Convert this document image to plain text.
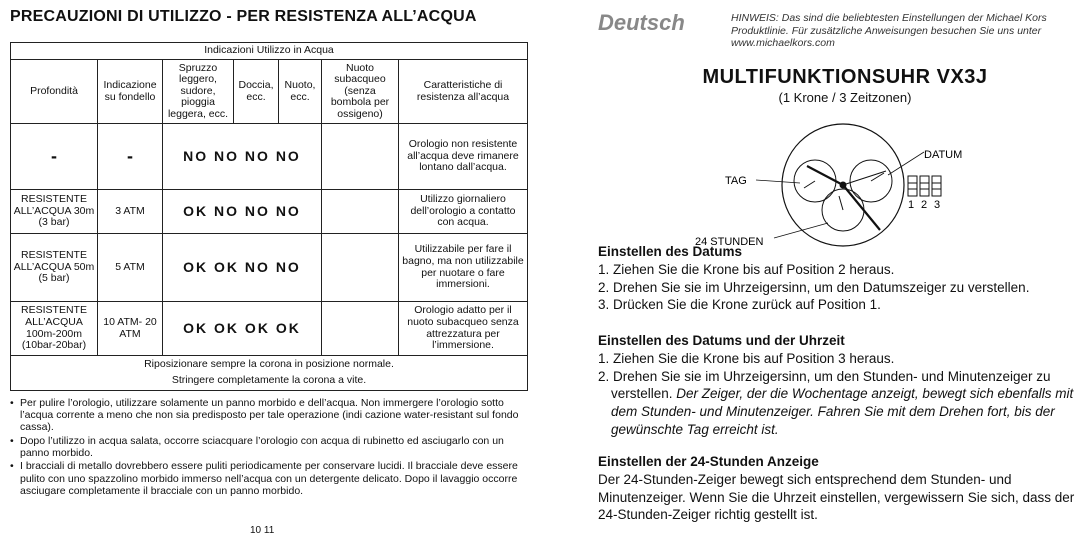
PRECAUZIONI DI UTILIZZO - PER RESISTENZA ALL’ACQUA
Indicazioni Utilizzo in Acqua						
Profondità	Indicazione su fondello	Spruzzo leggero, sudore, pioggia leggera, ecc.	Doccia, ecc.	Nuoto, ecc.	Nuoto subacqueo (senza bombola per ossigeno)	Caratteristiche di resistenza all’acqua
-	-	NO NO NO NO				Orologio non resistente all’acqua deve rimanere lontano dall’acqua.
RESISTENTE ALL’ACQUA 30m (3 bar)	3 ATM	OK NO NO NO				Utilizzo giornaliero dell’orologio a contatto con acqua.
RESISTENTE ALL’ACQUA 50m (5 bar)	5 ATM	OK OK NO NO				Utilizzabile per fare il bagno, ma non utilizzabile per nuotare o fare immersioni.
RESISTENTE ALL’ACQUA 100m-200m (10bar-20bar)	10 ATM- 20 ATM	OK OK OK OK				Orologio adatto per il nuoto subacqueo senza attrezzatura per l’immersione.

Riposizionare sempre la corona in posizione normale.
Stringere completamente la corona a vite.						
• Per pulire l’orologio, utilizzare solamente un panno morbido e dell’acqua. Non immergere l’orologio sotto l’acqua corrente a meno che non sia predisposto per tale operazione (indi cazione water-resistant sul fondo cassa).
• Dopo l’utilizzo in acqua salata, occorre sciacquare l’orologio con acqua di rubinetto ed asciugarlo con un panno morbido.
• I bracciali di metallo dovrebbero essere puliti periodicamente per conservare lucidi. Il bracciale deve essere pulito con uno spazzolino morbido immerso nell’acqua con un detergente delicato. Dopo il lavaggio occorre asciugare completamente il bracciale con un panno morbido.
10 11
Deutsch	HINWEIS: Das sind die beliebtesten Einstellungen der Michael Kors Produktlinie. Für zusätzliche Anweisungen besuchen Sie uns unter www.michaelkors.com
MULTIFUNKTIONSUHR VX3J
(1 Krone / 3 Zeitzonen)
TAG
DATUM
24 STUNDEN
1 2 3
Einstellen des Datums

1. Ziehen Sie die Krone bis auf Position 2 heraus.

2. Drehen Sie sie im Uhrzeigersinn, um den Datumszeiger zu verstellen.

3. Drücken Sie die Krone zurück auf Position 1.

Einstellen des Datums und der Uhrzeit

1. Ziehen Sie die Krone bis auf Position 3 heraus.

2. Drehen Sie sie im Uhrzeigersinn, um den Stunden- und Minutenzeiger zu verstellen. Der Zeiger, der die Wochentage anzeigt, bewegt sich ebenfalls mit dem Stunden- und Minutenzeiger. Fahren Sie mit dem Drehen fort, bis der gewünschte Tag erreicht ist.

Einstellen der 24-Stunden Anzeige

Der 24-Stunden-Zeiger bewegt sich entsprechend dem Stunden- und Minutenzeiger. Wenn Sie die Uhrzeit einstellen, vergewissern Sie sich, dass der 24-Stunden-Zeiger richtig gestellt ist.
